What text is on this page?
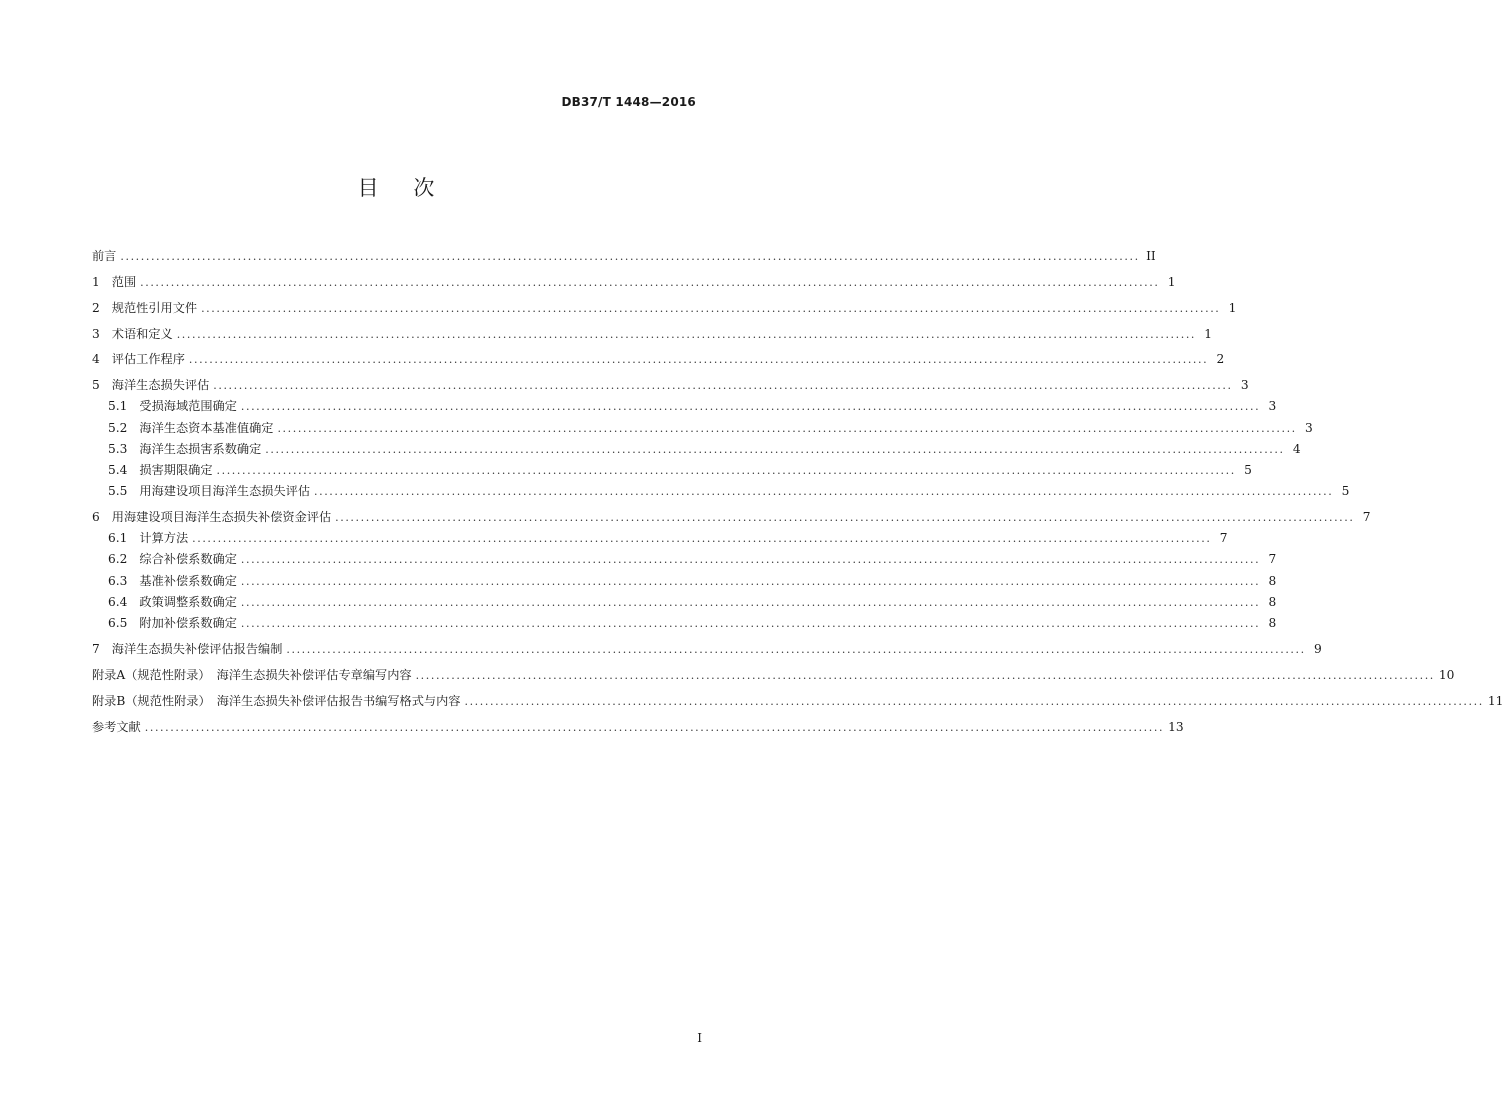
DB37/T 1448—2016
目 次
前言 ........................................................................................................................................................................................................ II
1 范围 ........................................................................................................................................................................................................ 1
2 规范性引用文件 ........................................................................................................................................................................................................ 1
3 术语和定义 ........................................................................................................................................................................................................ 1
4 评估工作程序 ........................................................................................................................................................................................................ 2
5 海洋生态损失评估 ........................................................................................................................................................................................................ 3
5.1 受损海域范围确定 ........................................................................................................................................................................................................ 3
5.2 海洋生态资本基准值确定 ........................................................................................................................................................................................................ 3
5.3 海洋生态损害系数确定 ........................................................................................................................................................................................................ 4
5.4 损害期限确定 ........................................................................................................................................................................................................ 5
5.5 用海建设项目海洋生态损失评估 ........................................................................................................................................................................................................ 5
6 用海建设项目海洋生态损失补偿资金评估 ........................................................................................................................................................................................................ 7
6.1 计算方法 ........................................................................................................................................................................................................ 7
6.2 综合补偿系数确定 ........................................................................................................................................................................................................ 7
6.3 基准补偿系数确定 ........................................................................................................................................................................................................ 8
6.4 政策调整系数确定 ........................................................................................................................................................................................................ 8
6.5 附加补偿系数确定 ........................................................................................................................................................................................................ 8
7 海洋生态损失补偿评估报告编制 ........................................................................................................................................................................................................ 9
附录A（规范性附录）　海洋生态损失补偿评估专章编写内容 ........................................................................................................................................................................................................ 10
附录B（规范性附录）　海洋生态损失补偿评估报告书编写格式与内容 ........................................................................................................................................................................................................ 11
参考文献 ........................................................................................................................................................................................................ 13
I
